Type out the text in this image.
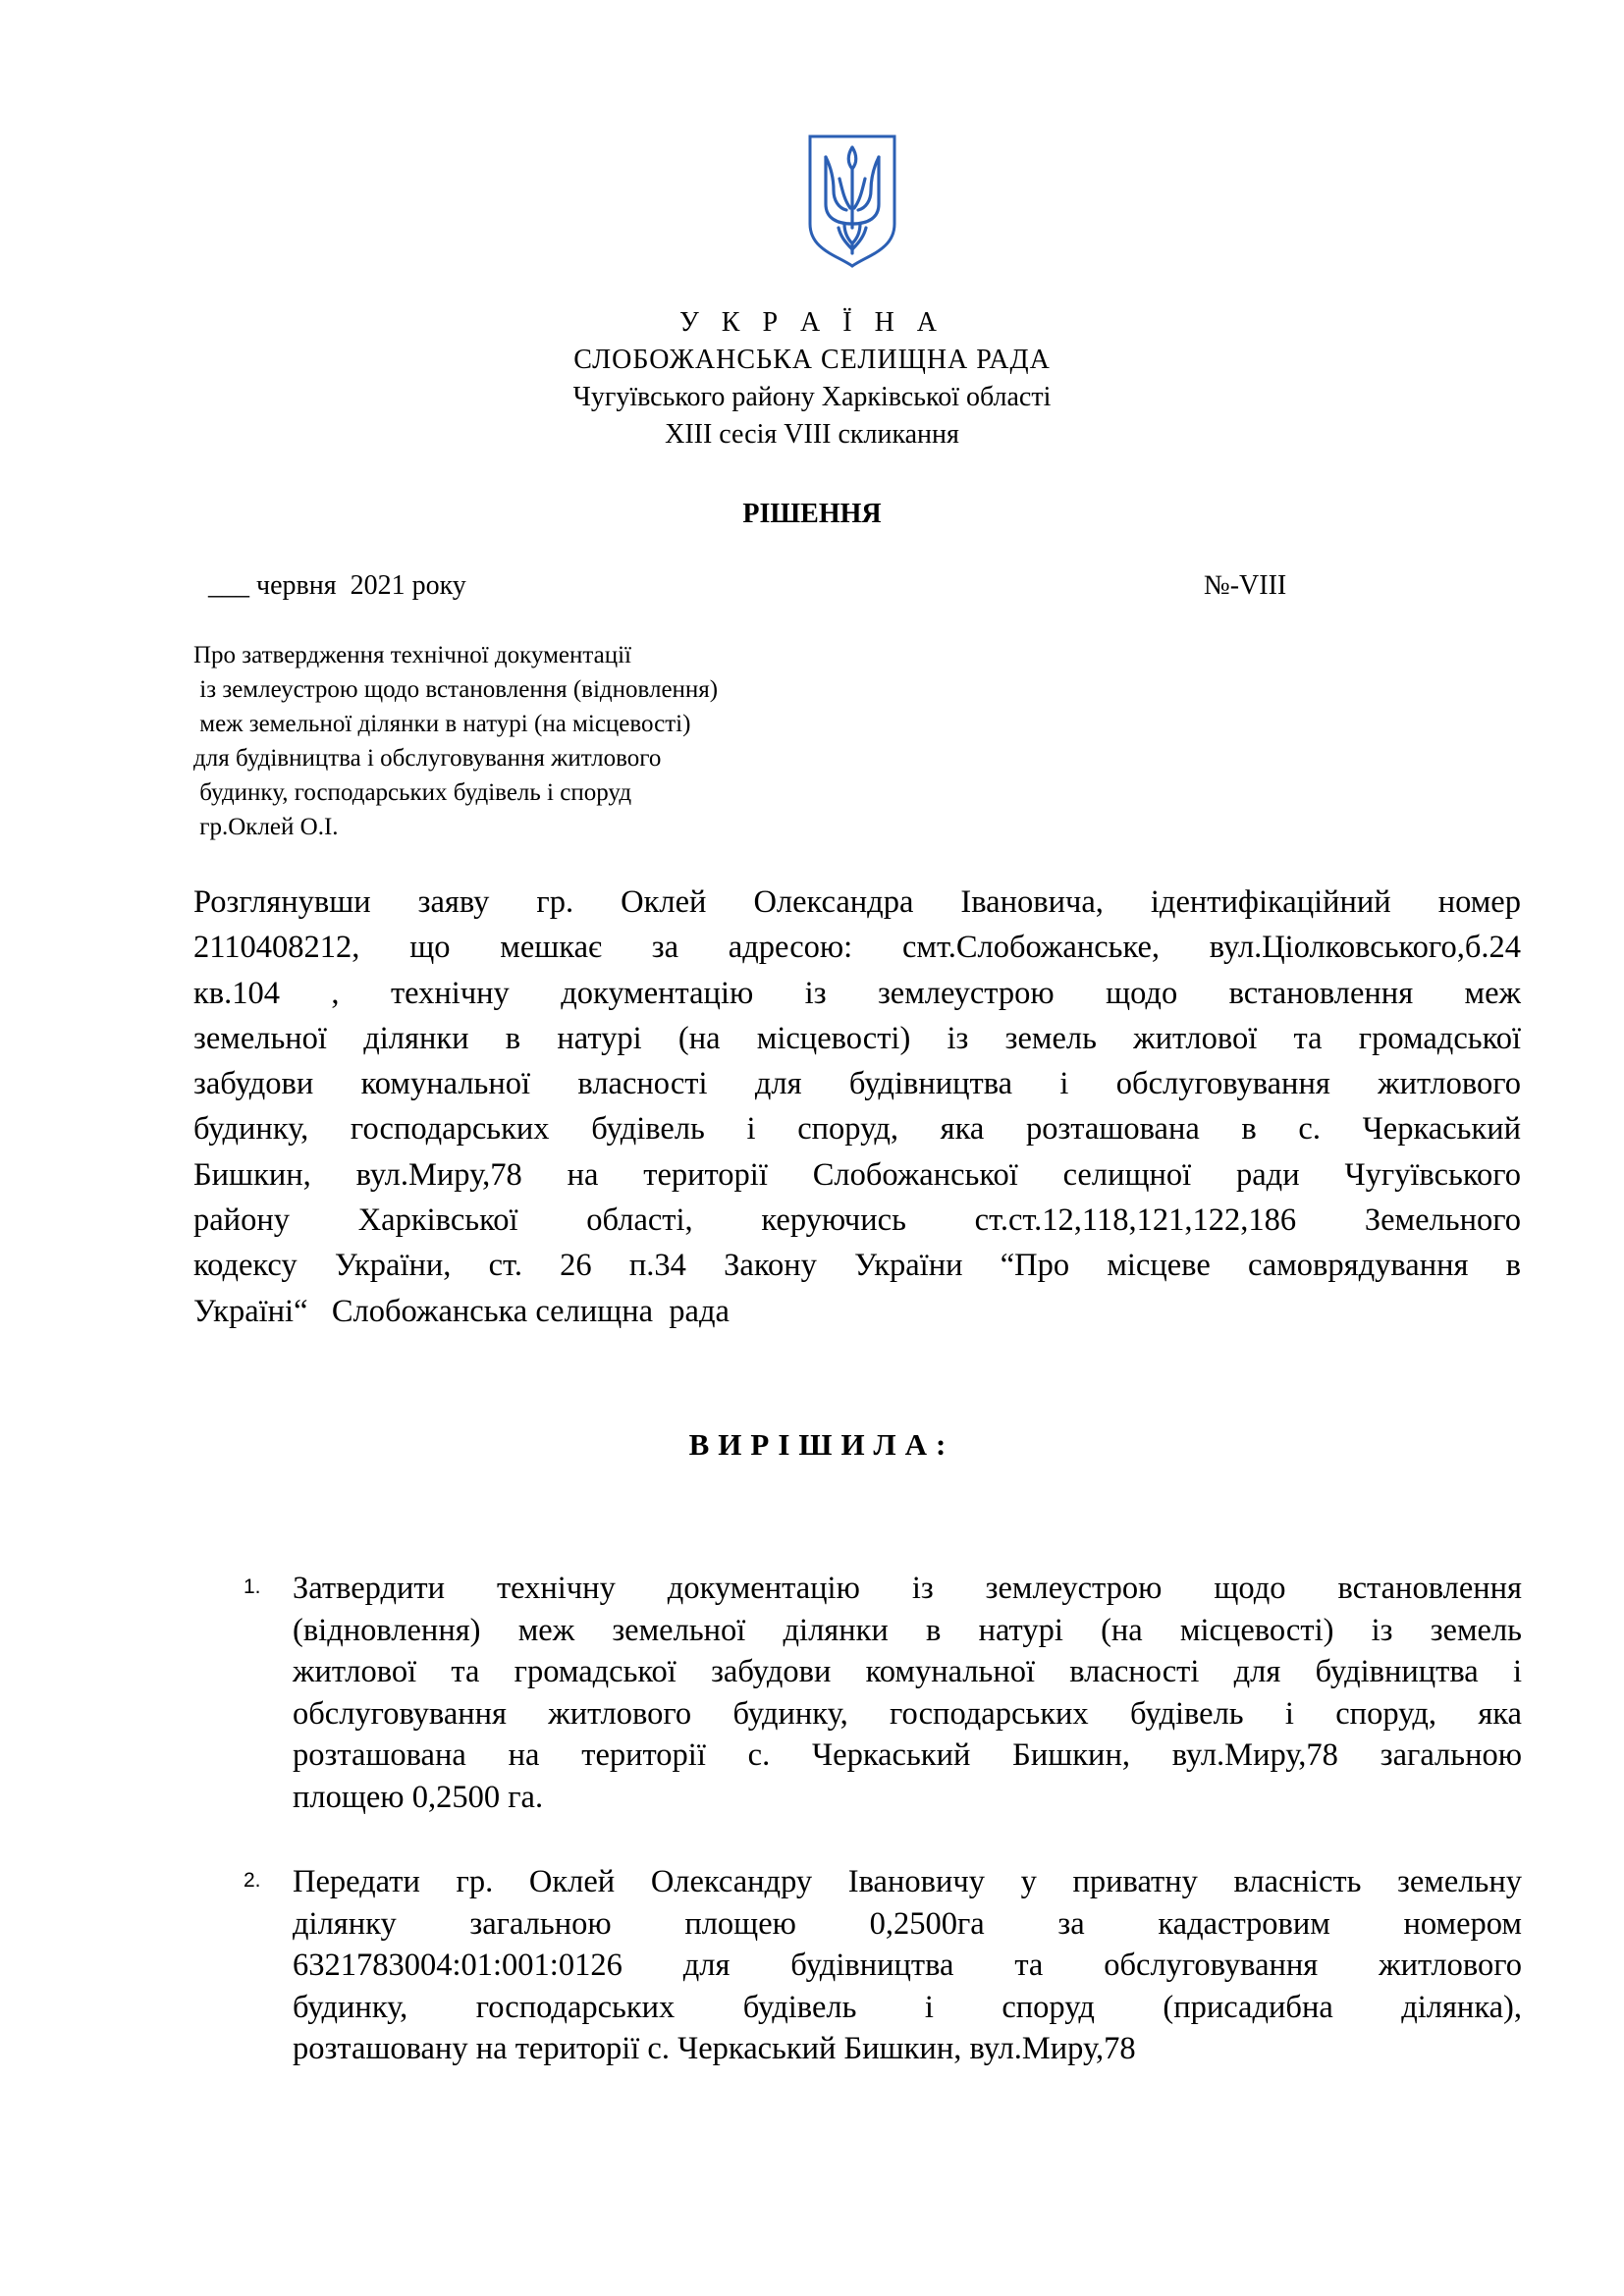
У К Р А Ї Н А
СЛОБОЖАНСЬКА СЕЛИЩНА РАДА
Чугуївського району Харківської області
XIII сесія VIII скликання
РІШЕННЯ
___ червня  2021 року	№-VIII
Про затвердження технічної документації
із землеустрою щодо встановлення (відновлення)
меж земельної ділянки в натурі (на місцевості)
для будівництва і обслуговування житлового
будинку, господарських будівель і споруд
гр.Оклей О.І.
Розглянувши заяву гр. Оклей Олександра Івановича, ідентифікаційний номер
2110408212, що мешкає за адресою: смт.Слобожанське, вул.Ціолковського,б.24
кв.104 , технічну документацію із землеустрою щодо встановлення меж
земельної ділянки в натурі (на місцевості) із земель житлової та громадської
забудови комунальної власності для будівництва і обслуговування житлового
будинку, господарських будівель і споруд, яка розташована в с. Черкаський
Бишкин, вул.Миру,78 на території Слобожанської селищної ради Чугуївського
району Харківської області, керуючись ст.ст.12,118,121,122,186 Земельного
кодексу України, ст. 26 п.34 Закону України “Про місцеве самоврядування в
Україні“   Слобожанська селищна  рада
ВИРІШИЛА:
1. Затвердити технічну документацію із землеустрою щодо встановлення
(відновлення) меж земельної ділянки в натурі (на місцевості) із земель
житлової та громадської забудови комунальної власності для будівництва і
обслуговування житлового будинку, господарських будівель і споруд, яка
розташована на території с. Черкаський Бишкин, вул.Миру,78 загальною
площею 0,2500 га.
2. Передати гр. Оклей Олександру Івановичу у приватну власність земельну
ділянку загальною площею 0,2500га за кадастровим номером
6321783004:01:001:0126 для будівництва та обслуговування житлового
будинку, господарських будівель і споруд (присадибна ділянка),
розташовану на території с. Черкаський Бишкин, вул.Миру,78
